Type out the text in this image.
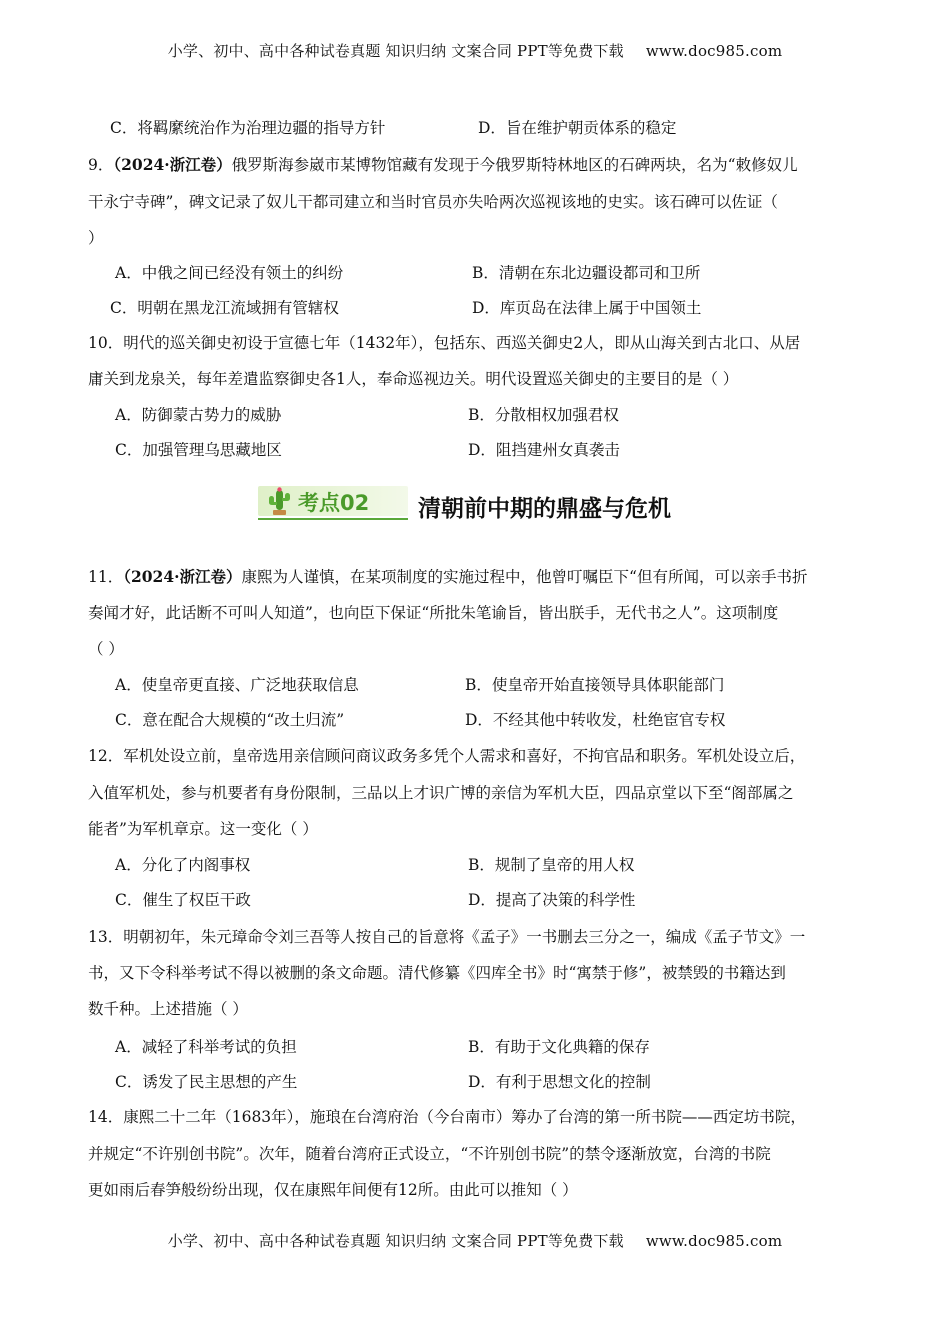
小学、初中、高中各种试卷真题 知识归纳 文案合同 PPT等免费下载 www.doc985.com
C．将羁縻统治作为治理边疆的指导方针	D．旨在维护朝贡体系的稳定
9．（2024·浙江卷）俄罗斯海参崴市某博物馆藏有发现于今俄罗斯特林地区的石碑两块，名为“敕修奴儿
干永宁寺碑”，碑文记录了奴儿干都司建立和当时官员亦失哈两次巡视该地的史实。该石碑可以佐证（
）
A．中俄之间已经没有领土的纠纷	B．清朝在东北边疆设都司和卫所
C．明朝在黑龙江流域拥有管辖权	D．库页岛在法律上属于中国领土
10．明代的巡关御史初设于宣德七年（1432年），包括东、西巡关御史2人，即从山海关到古北口、从居
庸关到龙泉关，每年差遣监察御史各1人，奉命巡视边关。明代设置巡关御史的主要目的是（ ）
A．防御蒙古势力的威胁	B．分散相权加强君权
C．加强管理乌思藏地区	D．阻挡建州女真袭击
考点02 清朝前中期的鼎盛与危机
11．（2024·浙江卷）康熙为人谨慎，在某项制度的实施过程中，他曾叮嘱臣下“但有所闻，可以亲手书折
奏闻才好，此话断不可叫人知道”，也向臣下保证“所批朱笔谕旨，皆出朕手，无代书之人”。这项制度
（ ）
A．使皇帝更直接、广泛地获取信息	B．使皇帝开始直接领导具体职能部门
C．意在配合大规模的“改土归流”	D．不经其他中转收发，杜绝宦官专权
12．军机处设立前，皇帝选用亲信顾问商议政务多凭个人需求和喜好，不拘官品和职务。军机处设立后，
入值军机处，参与机要者有身份限制，三品以上才识广博的亲信为军机大臣，四品京堂以下至“阁部属之
能者”为军机章京。这一变化（ ）
A．分化了内阁事权	B．规制了皇帝的用人权
C．催生了权臣干政	D．提高了决策的科学性
13．明朝初年，朱元璋命令刘三吾等人按自己的旨意将《孟子》一书删去三分之一，编成《孟子节文》一
书，又下令科举考试不得以被删的条文命题。清代修纂《四库全书》时“寓禁于修”，被禁毁的书籍达到
数千种。上述措施（ ）
A．减轻了科举考试的负担	B．有助于文化典籍的保存
C．诱发了民主思想的产生	D．有利于思想文化的控制
14．康熙二十二年（1683年），施琅在台湾府治（今台南市）筹办了台湾的第一所书院——西定坊书院，
并规定“不许别创书院”。次年，随着台湾府正式设立，“不许别创书院”的禁令逐渐放宽，台湾的书院
更如雨后春笋般纷纷出现，仅在康熙年间便有12所。由此可以推知（ ）
小学、初中、高中各种试卷真题 知识归纳 文案合同 PPT等免费下载 www.doc985.com
